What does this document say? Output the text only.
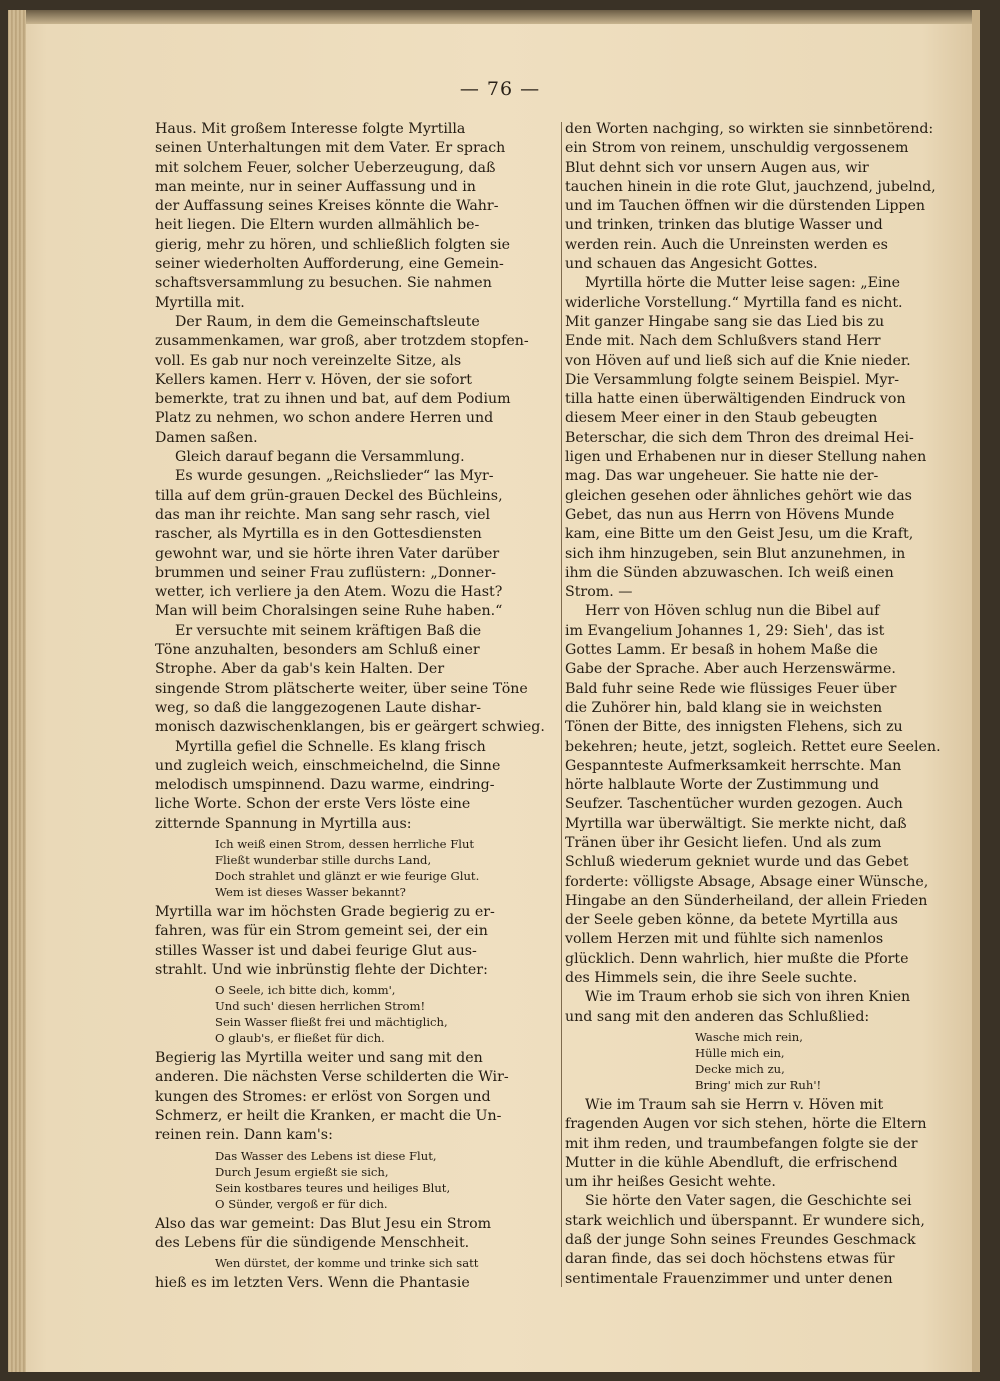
— 76 —
Haus. Mit großem Interesse folgte Myrtilla
seinen Unterhaltungen mit dem Vater. Er sprach
mit solchem Feuer, solcher Ueberzeugung, daß
man meinte, nur in seiner Auffassung und in
der Auffassung seines Kreises könnte die Wahr-
heit liegen. Die Eltern wurden allmählich be-
gierig, mehr zu hören, und schließlich folgten sie
seiner wiederholten Aufforderung, eine Gemein-
schaftsversammlung zu besuchen. Sie nahmen
Myrtilla mit.
Der Raum, in dem die Gemeinschaftsleute
zusammenkamen, war groß, aber trotzdem stopfen-
voll. Es gab nur noch vereinzelte Sitze, als
Kellers kamen. Herr v. Höven, der sie sofort
bemerkte, trat zu ihnen und bat, auf dem Podium
Platz zu nehmen, wo schon andere Herren und
Damen saßen.
Gleich darauf begann die Versammlung.
Es wurde gesungen. „Reichslieder“ las Myr-
tilla auf dem grün-grauen Deckel des Büchleins,
das man ihr reichte. Man sang sehr rasch, viel
rascher, als Myrtilla es in den Gottesdiensten
gewohnt war, und sie hörte ihren Vater darüber
brummen und seiner Frau zuflüstern: „Donner-
wetter, ich verliere ja den Atem. Wozu die Hast?
Man will beim Choralsingen seine Ruhe haben.“
Er versuchte mit seinem kräftigen Baß die
Töne anzuhalten, besonders am Schluß einer
Strophe. Aber da gab's kein Halten. Der
singende Strom plätscherte weiter, über seine Töne
weg, so daß die langgezogenen Laute dishar-
monisch dazwischenklangen, bis er geärgert schwieg.
Myrtilla gefiel die Schnelle. Es klang frisch
und zugleich weich, einschmeichelnd, die Sinne
melodisch umspinnend. Dazu warme, eindring-
liche Worte. Schon der erste Vers löste eine
zitternde Spannung in Myrtilla aus:
Ich weiß einen Strom, dessen herrliche Flut
Fließt wunderbar stille durchs Land,
Doch strahlet und glänzt er wie feurige Glut.
Wem ist dieses Wasser bekannt?
Myrtilla war im höchsten Grade begierig zu er-
fahren, was für ein Strom gemeint sei, der ein
stilles Wasser ist und dabei feurige Glut aus-
strahlt. Und wie inbrünstig flehte der Dichter:
O Seele, ich bitte dich, komm',
Und such' diesen herrlichen Strom!
Sein Wasser fließt frei und mächtiglich,
O glaub's, er fließet für dich.
Begierig las Myrtilla weiter und sang mit den
anderen. Die nächsten Verse schilderten die Wir-
kungen des Stromes: er erlöst von Sorgen und
Schmerz, er heilt die Kranken, er macht die Un-
reinen rein. Dann kam's:
Das Wasser des Lebens ist diese Flut,
Durch Jesum ergießt sie sich,
Sein kostbares teures und heiliges Blut,
O Sünder, vergoß er für dich.
Also das war gemeint: Das Blut Jesu ein Strom
des Lebens für die sündigende Menschheit.
Wen dürstet, der komme und trinke sich satt
hieß es im letzten Vers. Wenn die Phantasie
den Worten nachging, so wirkten sie sinnbetörend:
ein Strom von reinem, unschuldig vergossenem
Blut dehnt sich vor unsern Augen aus, wir
tauchen hinein in die rote Glut, jauchzend, jubelnd,
und im Tauchen öffnen wir die dürstenden Lippen
und trinken, trinken das blutige Wasser und
werden rein. Auch die Unreinsten werden es
und schauen das Angesicht Gottes.
Myrtilla hörte die Mutter leise sagen: „Eine
widerliche Vorstellung.“ Myrtilla fand es nicht.
Mit ganzer Hingabe sang sie das Lied bis zu
Ende mit. Nach dem Schlußvers stand Herr
von Höven auf und ließ sich auf die Knie nieder.
Die Versammlung folgte seinem Beispiel. Myr-
tilla hatte einen überwältigenden Eindruck von
diesem Meer einer in den Staub gebeugten
Beterschar, die sich dem Thron des dreimal Hei-
ligen und Erhabenen nur in dieser Stellung nahen
mag. Das war ungeheuer. Sie hatte nie der-
gleichen gesehen oder ähnliches gehört wie das
Gebet, das nun aus Herrn von Hövens Munde
kam, eine Bitte um den Geist Jesu, um die Kraft,
sich ihm hinzugeben, sein Blut anzunehmen, in
ihm die Sünden abzuwaschen. Ich weiß einen
Strom. —
Herr von Höven schlug nun die Bibel auf
im Evangelium Johannes 1, 29: Sieh', das ist
Gottes Lamm. Er besaß in hohem Maße die
Gabe der Sprache. Aber auch Herzenswärme.
Bald fuhr seine Rede wie flüssiges Feuer über
die Zuhörer hin, bald klang sie in weichsten
Tönen der Bitte, des innigsten Flehens, sich zu
bekehren; heute, jetzt, sogleich. Rettet eure Seelen.
Gespannteste Aufmerksamkeit herrschte. Man
hörte halblaute Worte der Zustimmung und
Seufzer. Taschentücher wurden gezogen. Auch
Myrtilla war überwältigt. Sie merkte nicht, daß
Tränen über ihr Gesicht liefen. Und als zum
Schluß wiederum gekniet wurde und das Gebet
forderte: völligste Absage, Absage einer Wünsche,
Hingabe an den Sünderheiland, der allein Frieden
der Seele geben könne, da betete Myrtilla aus
vollem Herzen mit und fühlte sich namenlos
glücklich. Denn wahrlich, hier mußte die Pforte
des Himmels sein, die ihre Seele suchte.
Wie im Traum erhob sie sich von ihren Knien
und sang mit den anderen das Schlußlied:
Wasche mich rein,
Hülle mich ein,
Decke mich zu,
Bring' mich zur Ruh'!
Wie im Traum sah sie Herrn v. Höven mit
fragenden Augen vor sich stehen, hörte die Eltern
mit ihm reden, und traumbefangen folgte sie der
Mutter in die kühle Abendluft, die erfrischend
um ihr heißes Gesicht wehte.
Sie hörte den Vater sagen, die Geschichte sei
stark weichlich und überspannt. Er wundere sich,
daß der junge Sohn seines Freundes Geschmack
daran finde, das sei doch höchstens etwas für
sentimentale Frauenzimmer und unter denen
